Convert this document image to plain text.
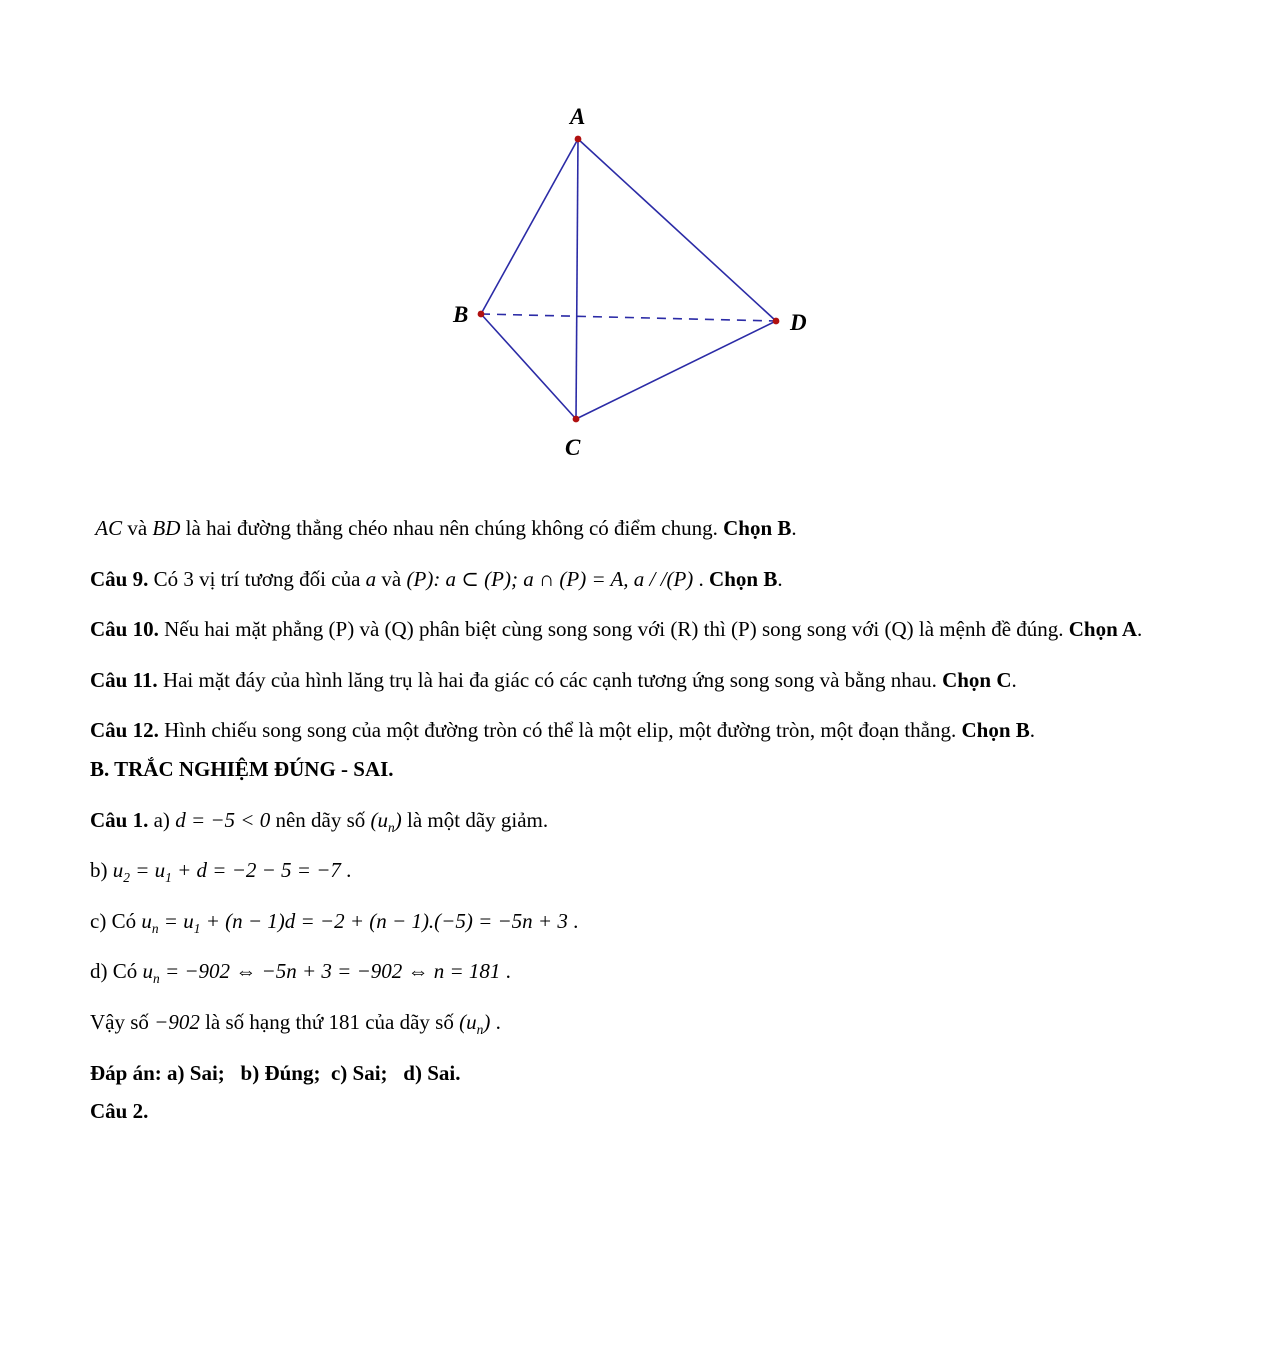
A
B	D
C

AC và BD là hai đường thẳng chéo nhau nên chúng không có điểm chung. Chọn B.

Câu 9. Có 3 vị trí tương đối của a và (P): a ⊂ (P); a ∩ (P) = A, a / /(P) . Chọn B.

Câu 10. Nếu hai mặt phẳng (P) và (Q) phân biệt cùng song song với (R) thì (P) song song với (Q) là mệnh đề đúng. Chọn A.

Câu 11. Hai mặt đáy của hình lăng trụ là hai đa giác có các cạnh tương ứng song song và bằng nhau. Chọn C.

Câu 12. Hình chiếu song song của một đường tròn có thể là một elip, một đường tròn, một đoạn thẳng. Chọn B.

B. TRẮC NGHIỆM ĐÚNG - SAI.

Câu 1. a) d = −5 < 0 nên dãy số $(u_n)$ là một dãy giảm.

b) $u_2 = u_1 + d = -2 - 5 = -7$ .

c) Có $u_n = u_1 + (n - 1)d = -2 + (n - 1).(-5) = -5n + 3$ .

d) Có $u_n = -902$ ⇔ −5n + 3 = −902 ⇔ n = 181 .

Vậy số −902 là số hạng thứ 181 của dãy số $(u_n)$ .

Đáp án: a) Sai;   b) Đúng;  c) Sai;   d) Sai.

Câu 2.
